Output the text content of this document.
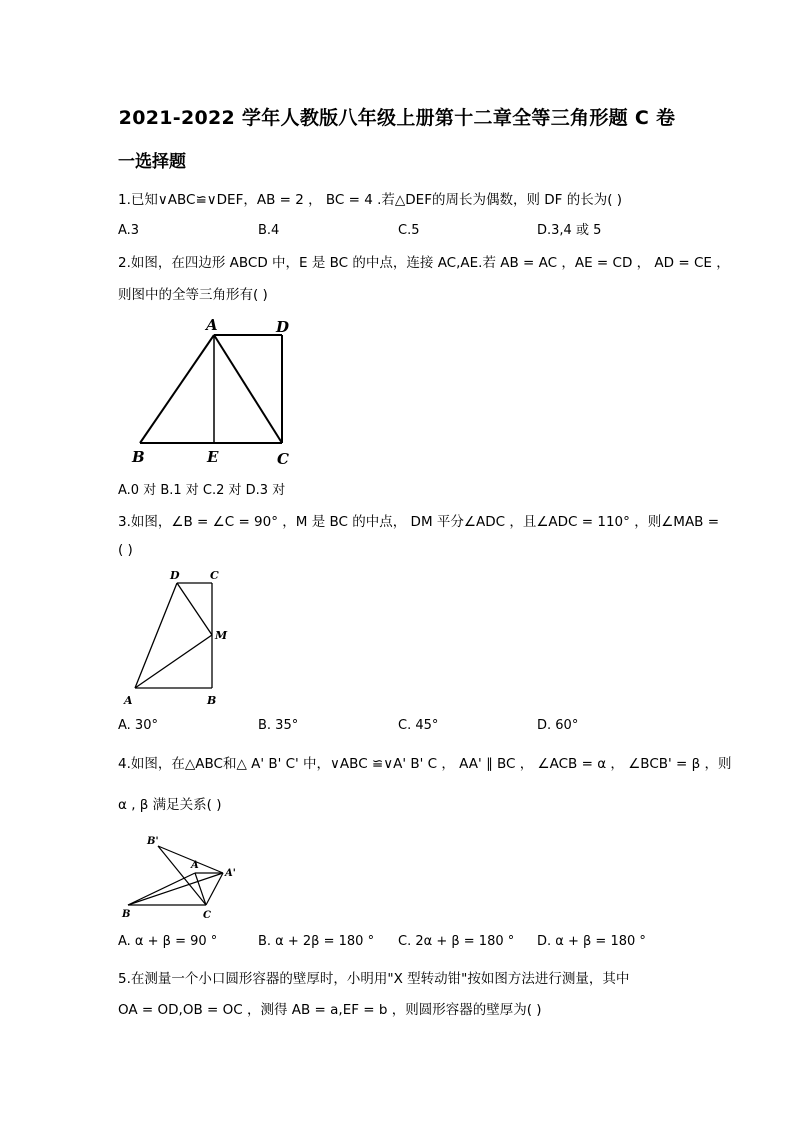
2021-2022 学年人教版八年级上册第十二章全等三角形题 C 卷
一选择题
1.已知∨ABC≌∨DEF，AB = 2 ， BC = 4 .若△DEF的周长为偶数，则 DF 的长为( )
A.3	B.4	C.5	D.3,4 或 5
2.如图，在四边形 ABCD 中，E 是 BC 的中点，连接 AC,AE.若 AB = AC ，AE = CD ， AD = CE ，
则图中的全等三角形有( )
A	D
B	E	C
A.0 对 B.1 对 C.2 对 D.3 对
3.如图，∠B = ∠C = 90° ，M 是 BC 的中点， DM 平分∠ADC ，且∠ADC = 110° ，则∠MAB =
( )
D	C
M
A	B
A. 30°	B. 35°	C. 45°	D. 60°
4.如图，在△ABC和△ A' B' C' 中，∨ABC ≌∨A' B' C ， AA' ∥ BC ， ∠ACB = α ， ∠BCB' = β ，则
α , β 满足关系( )
B'
A
A'
B	C
A. α + β = 90 °	B. α + 2β = 180 ° C. 2α + β = 180 ° D. α + β = 180 °
5.在测量一个小口圆形容器的壁厚时，小明用"X 型转动钳"按如图方法进行测量，其中
OA = OD,OB = OC ，测得 AB = a,EF = b ，则圆形容器的壁厚为( )
